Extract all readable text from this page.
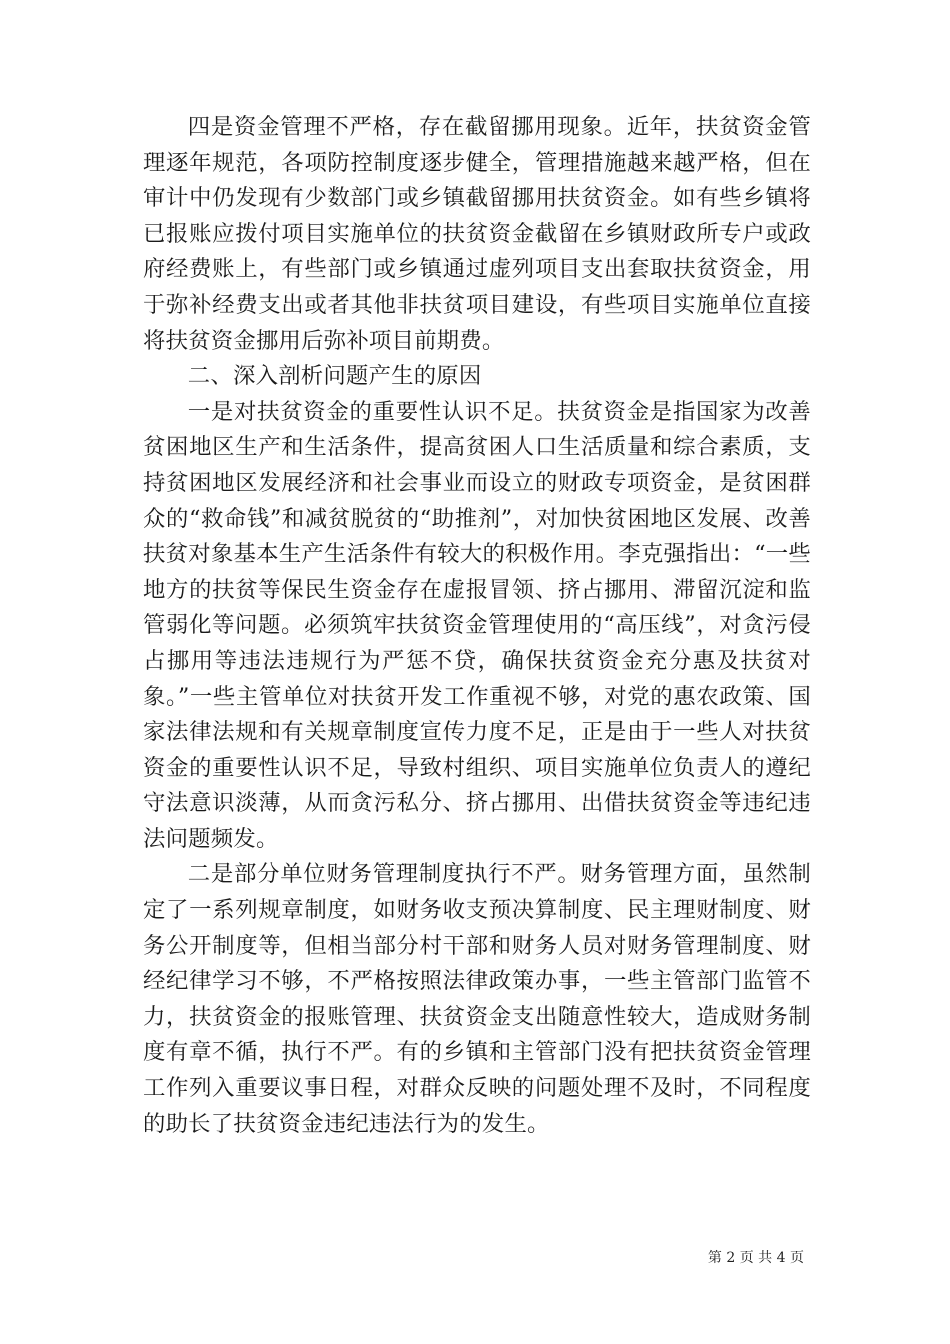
四是资金管理不严格，存在截留挪用现象。近年，扶贫资金管理逐年规范，各项防控制度逐步健全，管理措施越来越严格，但在审计中仍发现有少数部门或乡镇截留挪用扶贫资金。如有些乡镇将已报账应拨付项目实施单位的扶贫资金截留在乡镇财政所专户或政府经费账上，有些部门或乡镇通过虚列项目支出套取扶贫资金，用于弥补经费支出或者其他非扶贫项目建设，有些项目实施单位直接将扶贫资金挪用后弥补项目前期费。

二、深入剖析问题产生的原因

一是对扶贫资金的重要性认识不足。扶贫资金是指国家为改善贫困地区生产和生活条件，提高贫困人口生活质量和综合素质，支持贫困地区发展经济和社会事业而设立的财政专项资金，是贫困群众的“救命钱”和减贫脱贫的“助推剂”，对加快贫困地区发展、改善扶贫对象基本生产生活条件有较大的积极作用。李克强指出：“一些地方的扶贫等保民生资金存在虚报冒领、挤占挪用、滞留沉淀和监管弱化等问题。必须筑牢扶贫资金管理使用的“高压线”，对贪污侵占挪用等违法违规行为严惩不贷，确保扶贫资金充分惠及扶贫对象。”一些主管单位对扶贫开发工作重视不够，对党的惠农政策、国家法律法规和有关规章制度宣传力度不足，正是由于一些人对扶贫资金的重要性认识不足，导致村组织、项目实施单位负责人的遵纪守法意识淡薄，从而贪污私分、挤占挪用、出借扶贫资金等违纪违法问题频发。

二是部分单位财务管理制度执行不严。财务管理方面，虽然制定了一系列规章制度，如财务收支预决算制度、民主理财制度、财务公开制度等，但相当部分村干部和财务人员对财务管理制度、财经纪律学习不够，不严格按照法律政策办事，一些主管部门监管不力，扶贫资金的报账管理、扶贫资金支出随意性较大，造成财务制度有章不循，执行不严。有的乡镇和主管部门没有把扶贫资金管理工作列入重要议事日程，对群众反映的问题处理不及时，不同程度的助长了扶贫资金违纪违法行为的发生。

第 2 页 共 4 页
